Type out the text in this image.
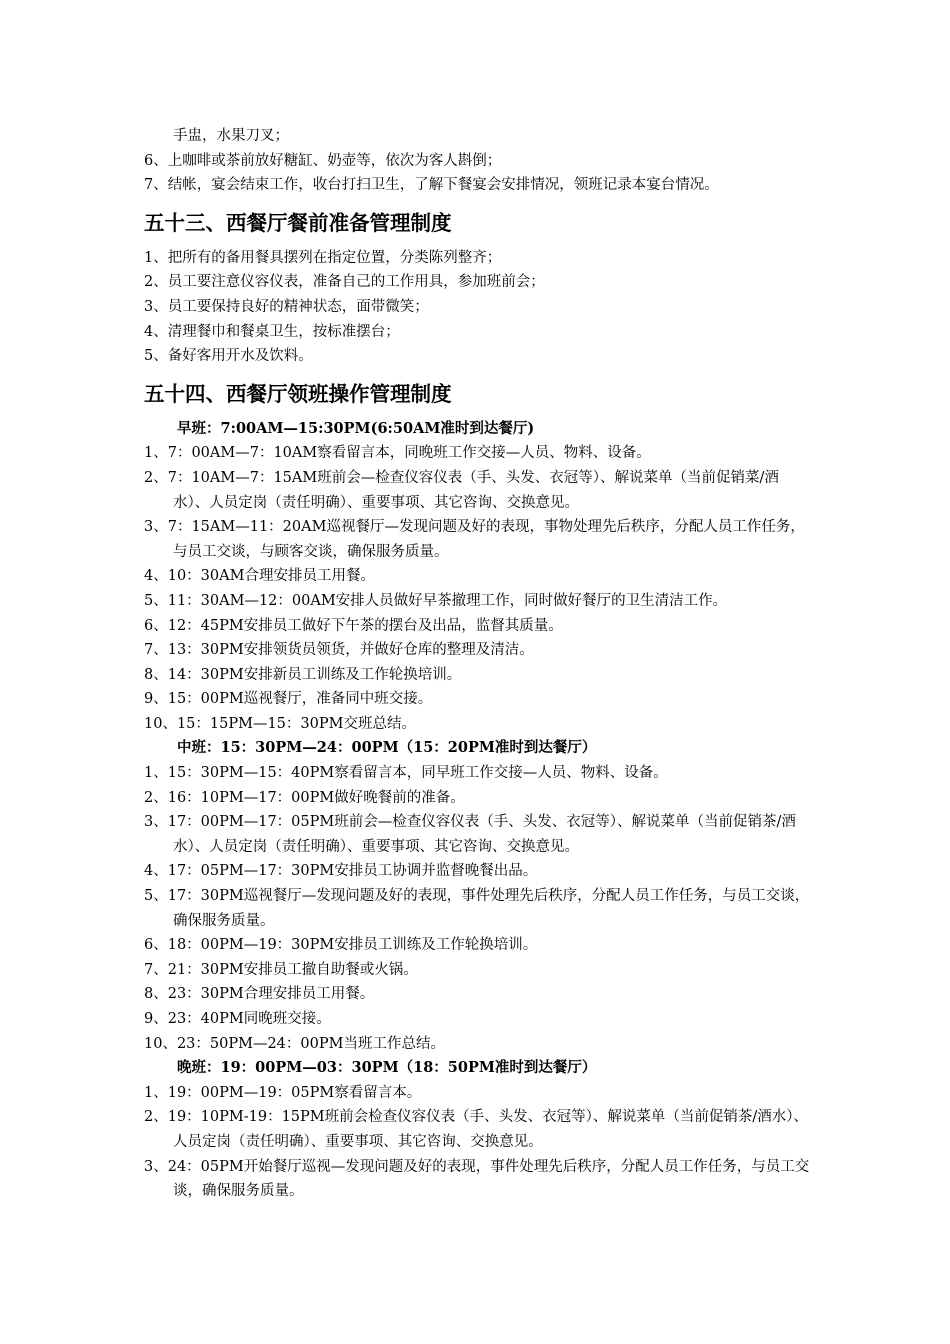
手盅，水果刀叉；
6、上咖啡或茶前放好糖缸、奶壶等，依次为客人斟倒；
7、结帐，宴会结束工作，收台打扫卫生，了解下餐宴会安排情况，领班记录本宴台情况。
五十三、西餐厅餐前准备管理制度
1、把所有的备用餐具摆列在指定位置，分类陈列整齐；
2、员工要注意仪容仪表，准备自己的工作用具，参加班前会；
3、员工要保持良好的精神状态，面带微笑；
4、清理餐巾和餐桌卫生，按标准摆台；
5、备好客用开水及饮料。
五十四、西餐厅领班操作管理制度
早班：7:00AM—15:30PM(6:50AM准时到达餐厅)
1、7：00AM—7：10AM察看留言本，同晚班工作交接—人员、物料、设备。
2、7：10AM—7：15AM班前会—检查仪容仪表（手、头发、衣冠等）、解说菜单（当前促销菜/酒水）、人员定岗（责任明确）、重要事项、其它咨询、交换意见。
3、7：15AM—11：20AM巡视餐厅—发现问题及好的表现，事物处理先后秩序，分配人员工作任务，与员工交谈，与顾客交谈，确保服务质量。
4、10：30AM合理安排员工用餐。
5、11：30AM—12：00AM安排人员做好早茶撤理工作，同时做好餐厅的卫生清洁工作。
6、12：45PM安排员工做好下午茶的摆台及出品，监督其质量。
7、13：30PM安排领货员领货，并做好仓库的整理及清洁。
8、14：30PM安排新员工训练及工作轮换培训。
9、15：00PM巡视餐厅，准备同中班交接。
10、15：15PM—15：30PM交班总结。
中班：15：30PM—24：00PM（15：20PM准时到达餐厅）
1、15：30PM—15：40PM察看留言本，同早班工作交接—人员、物料、设备。
2、16：10PM—17：00PM做好晚餐前的准备。
3、17：00PM—17：05PM班前会—检查仪容仪表（手、头发、衣冠等）、解说菜单（当前促销茶/酒水）、人员定岗（责任明确）、重要事项、其它咨询、交换意见。
4、17：05PM—17：30PM安排员工协调并监督晚餐出品。
5、17：30PM巡视餐厅—发现问题及好的表现，事件处理先后秩序，分配人员工作任务，与员工交谈，确保服务质量。
6、18：00PM—19：30PM安排员工训练及工作轮换培训。
7、21：30PM安排员工撤自助餐或火锅。
8、23：30PM合理安排员工用餐。
9、23：40PM同晚班交接。
10、23：50PM—24：00PM当班工作总结。
晚班：19：00PM—03：30PM（18：50PM准时到达餐厅）
1、19：00PM—19：05PM察看留言本。
2、19：10PM-19：15PM班前会检查仪容仪表（手、头发、衣冠等）、解说菜单（当前促销茶/酒水）、人员定岗（责任明确）、重要事项、其它咨询、交换意见。
3、24：05PM开始餐厅巡视—发现问题及好的表现，事件处理先后秩序，分配人员工作任务，与员工交谈，确保服务质量。
